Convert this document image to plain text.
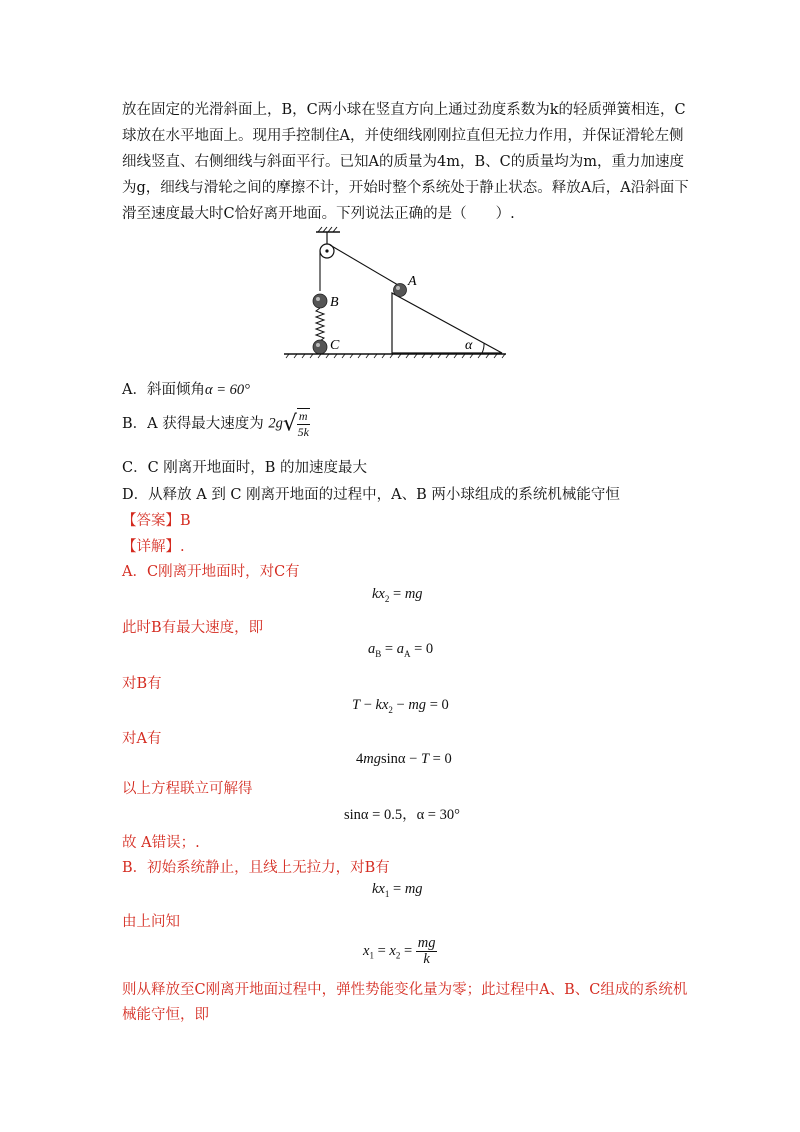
放在固定的光滑斜面上，B，C两小球在竖直方向上通过劲度系数为k的轻质弹簧相连，C
球放在水平地面上。现用手控制住A，并使细线刚刚拉直但无拉力作用，并保证滑轮左侧
细线竖直、右侧细线与斜面平行。已知A的质量为4m，B、C的质量均为m，重力加速度
为g，细线与滑轮之间的摩擦不计，开始时整个系统处于静止状态。释放A后，A沿斜面下
滑至速度最大时C恰好离开地面。下列说法正确的是（　　）.
A
B
C	α
A．斜面倾角α = 60°
B．A 获得最大速度为 $2g√ \frac{m}{5k}$
C．C 刚离开地面时，B 的加速度最大
D．从释放 A 到 C 刚离开地面的过程中，A、B 两小球组成的系统机械能守恒
【答案】B
【详解】.
A．C刚离开地面时，对C有
$kx_2$ = mg
此时B有最大速度，即
$a_B = a_A = 0$
对B有
$T - kx_2$ − mg = 0
对A有
4mgsinα − T = 0
以上方程联立可解得
sinα = 0.5，α = 30°
故 A错误；.
B．初始系统静止，且线上无拉力，对B有
$kx_1$ = mg
由上问知
$x_1 = x_2 = \frac{mg}{k}$
则从释放至C刚离开地面过程中，弹性势能变化量为零；此过程中A、B、C组成的系统机
械能守恒，即
